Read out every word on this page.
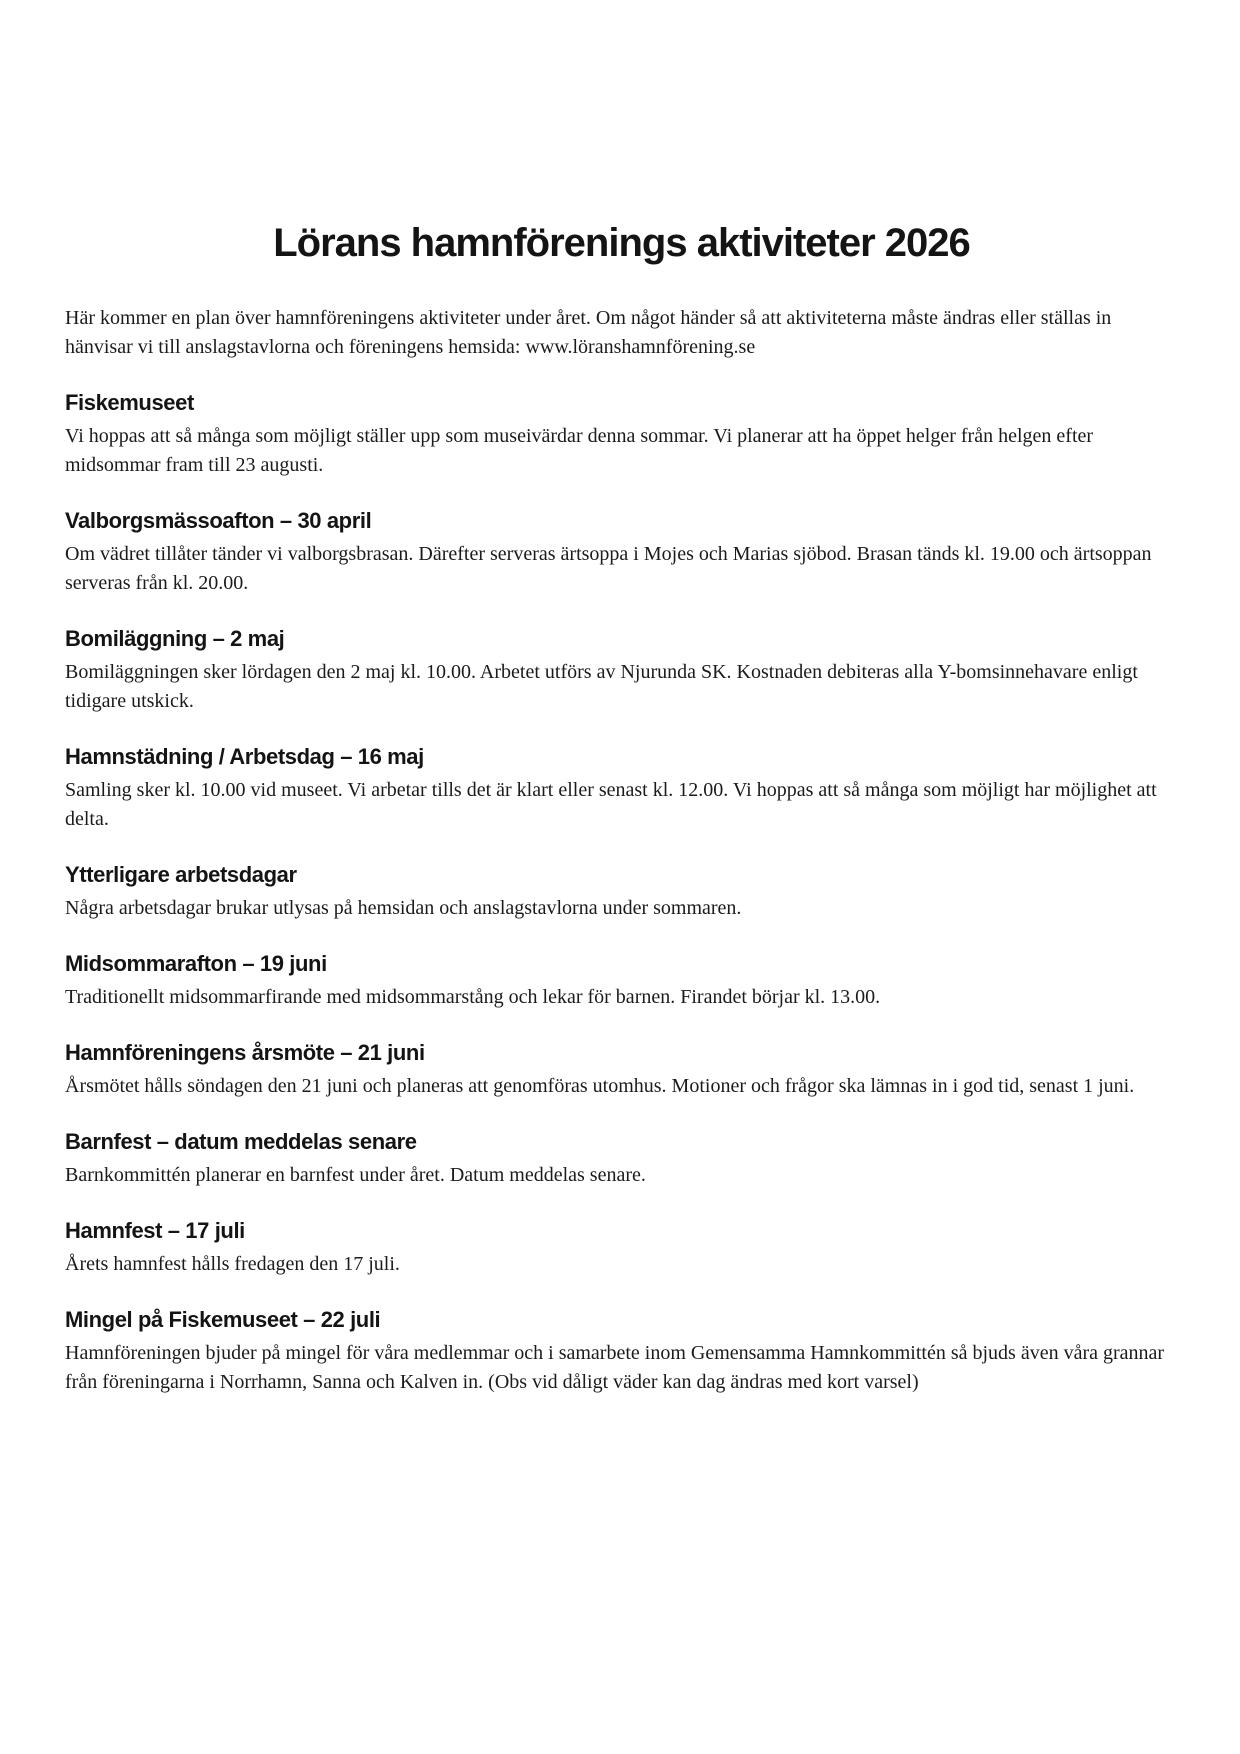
Lörans hamnförenings aktiviteter 2026

Här kommer en plan över hamnföreningens aktiviteter under året. Om något händer så att aktiviteterna måste ändras eller ställas in hänvisar vi till anslagstavlorna och föreningens hemsida: www.löranshamnförening.se

Fiskemuseet

Vi hoppas att så många som möjligt ställer upp som museivärdar denna sommar. Vi planerar att ha öppet helger från helgen efter midsommar fram till 23 augusti.

Valborgsmässoafton – 30 april

Om vädret tillåter tänder vi valborgsbrasan. Därefter serveras ärtsoppa i Mojes och Marias sjöbod. Brasan tänds kl. 19.00 och ärtsoppan serveras från kl. 20.00.

Bomiläggning – 2 maj

Bomiläggningen sker lördagen den 2 maj kl. 10.00. Arbetet utförs av Njurunda SK. Kostnaden debiteras alla Y-bomsinnehavare enligt tidigare utskick.

Hamnstädning / Arbetsdag – 16 maj

Samling sker kl. 10.00 vid museet. Vi arbetar tills det är klart eller senast kl. 12.00. Vi hoppas att så många som möjligt har möjlighet att delta.

Ytterligare arbetsdagar

Några arbetsdagar brukar utlysas på hemsidan och anslagstavlorna under sommaren.

Midsommarafton – 19 juni

Traditionellt midsommarfirande med midsommarstång och lekar för barnen. Firandet börjar kl. 13.00.

Hamnföreningens årsmöte – 21 juni

Årsmötet hålls söndagen den 21 juni och planeras att genomföras utomhus. Motioner och frågor ska lämnas in i god tid, senast 1 juni.

Barnfest – datum meddelas senare

Barnkommittén planerar en barnfest under året. Datum meddelas senare.

Hamnfest – 17 juli

Årets hamnfest hålls fredagen den 17 juli.

Mingel på Fiskemuseet – 22 juli

Hamnföreningen bjuder på mingel för våra medlemmar och i samarbete inom Gemensamma Hamnkommittén så bjuds även våra grannar från föreningarna i Norrhamn, Sanna och Kalven in. (Obs vid dåligt väder kan dag ändras med kort varsel)
